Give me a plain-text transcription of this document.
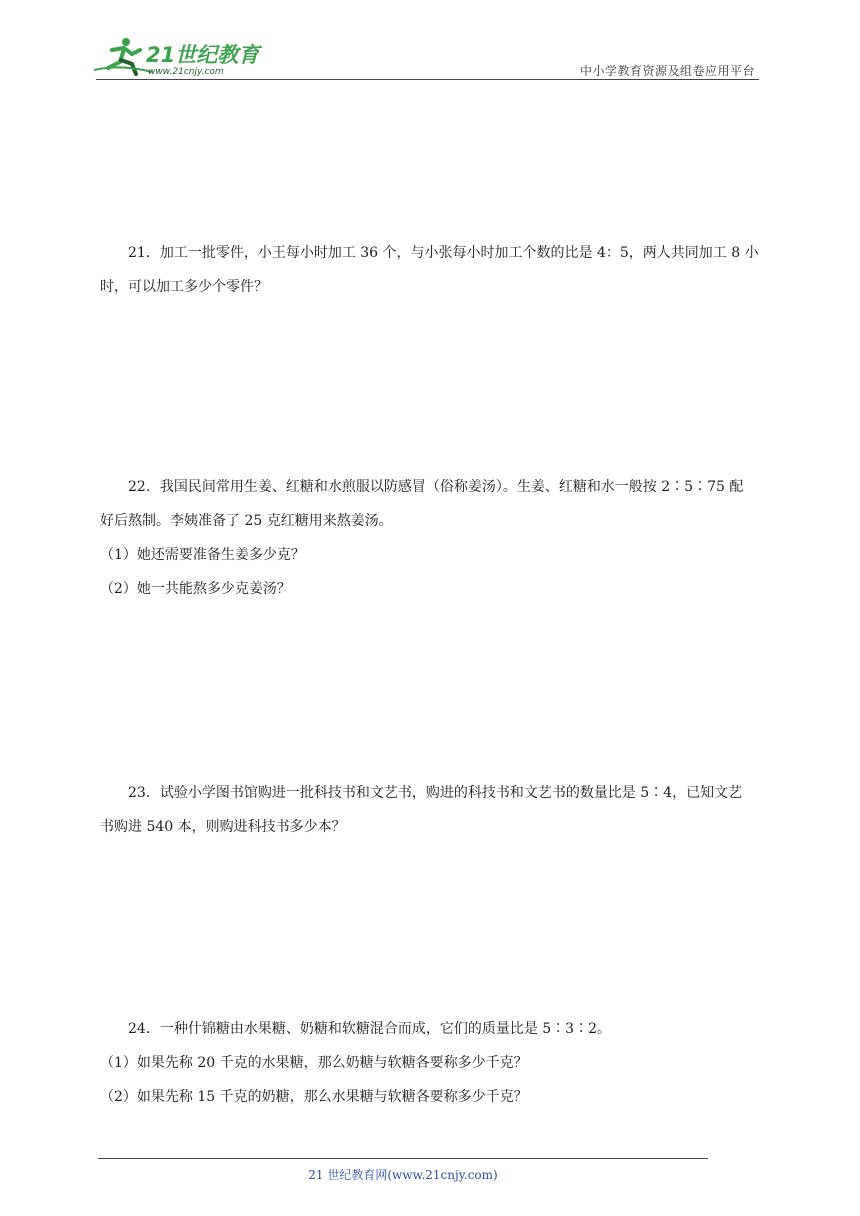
21世纪教育
www.21cnjy.com	中小学教育资源及组卷应用平台

21．加工一批零件，小王每小时加工 36 个，与小张每小时加工个数的比是 4：5，两人共同加工 8 小

时，可以加工多少个零件？

22．我国民间常用生姜、红糖和水煎服以防感冒（俗称姜汤）。生姜、红糖和水一般按 2∶5∶75 配

好后熬制。李姨准备了 25 克红糖用来熬姜汤。

（1）她还需要准备生姜多少克？

（2）她一共能熬多少克姜汤？

23．试验小学图书馆购进一批科技书和文艺书，购进的科技书和文艺书的数量比是 5∶4，已知文艺

书购进 540 本，则购进科技书多少本？

24．一种什锦糖由水果糖、奶糖和软糖混合而成，它们的质量比是 5∶3∶2。

（1）如果先称 20 千克的水果糖，那么奶糖与软糖各要称多少千克？

（2）如果先称 15 千克的奶糖，那么水果糖与软糖各要称多少千克？

21 世纪教育网(www.21cnjy.com)
